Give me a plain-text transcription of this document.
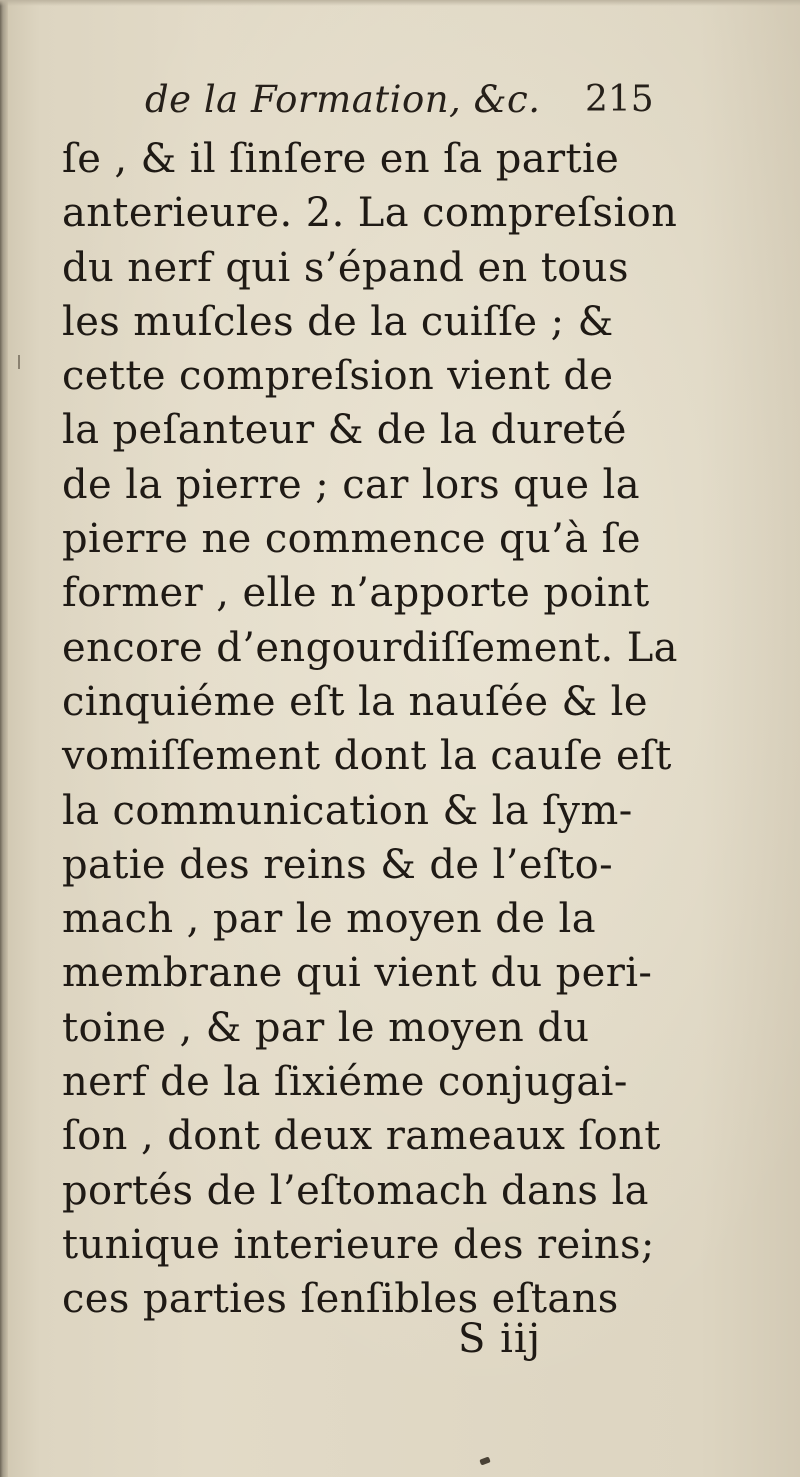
de la Formation, &c. 215
ſe , & il ſinſere en ſa partie
anterieure. 2. La compreſsion
du nerf qui s’épand en tous
les muſcles de la cuiſſe ; &
cette compreſsion vient de
la peſanteur & de la dureté
de la pierre ; car lors que la
pierre ne commence qu’à ſe
former , elle n’apporte point
encore d’engourdiſſement. La
cinquiéme eſt la nauſée & le
vomiſſement dont la cauſe eſt
la communication & la ſym-
patie des reins & de l’eſto-
mach , par le moyen de la
membrane qui vient du peri-
toine , & par le moyen du
nerf de la ſixiéme conjugai-
ſon , dont deux rameaux ſont
portés de l’eſtomach dans la
tunique interieure des reins;
ces parties ſenſibles eſtans
S iij
